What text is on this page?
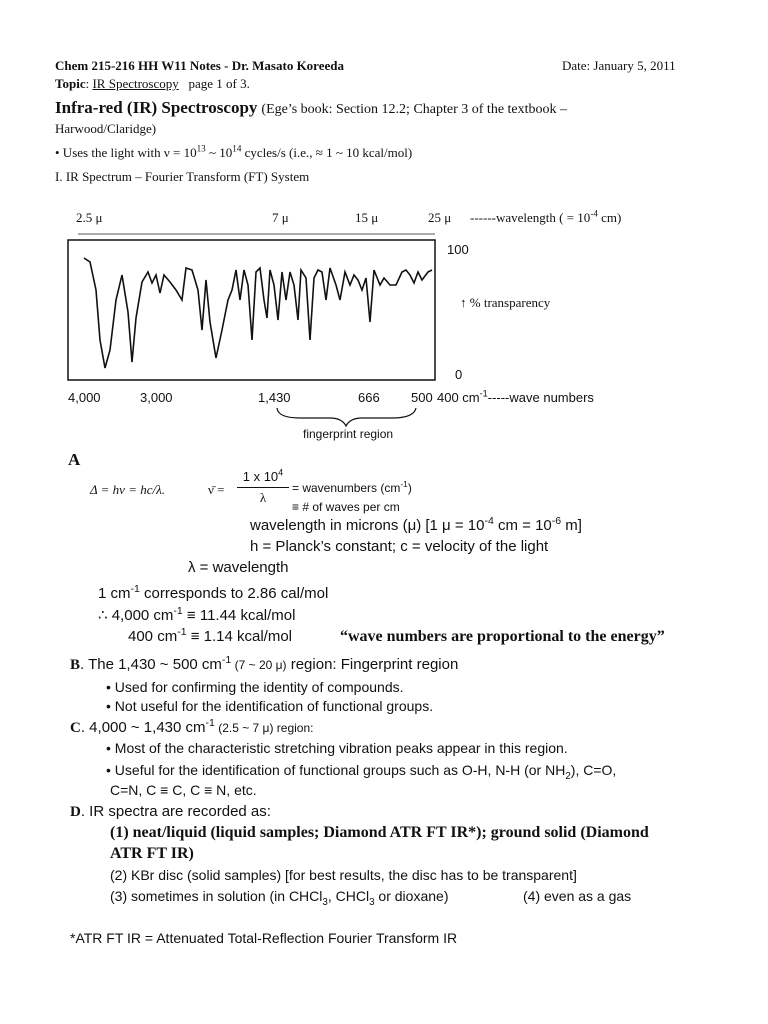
Chem 215-216 HH W11 Notes - Dr. Masato Koreeda	Date: January 5, 2011
Topic: IR Spectroscopy page 1 of 3.
Infra-red (IR) Spectroscopy (Ege’s book: Section 12.2; Chapter 3 of the textbook –
Harwood/Claridge)
• Uses the light with $\nu = 10^{13}$ ~ $10^{14}$ cycles/s (i.e., ≈ 1 ~ 10 kcal/mol)
I. IR Spectrum – Fourier Transform (FT) System
2.5 μ	7 μ	15 μ	25 μ ------wavelength ( = $10^{-4}$ cm)
100
0
↑ % transparency
4,000	3,000	1,430	666 500 400 $cm^{-1}----$-wave numbers
fingerprint region
A
Δ = hν = hc/λ.	ν̄ =
1 x $10^4$
λ
= wavenumbers $(cm^{-1})$
≡ # of waves per cm
wavelength in microns (μ) [1 $\mu = 10^{-4}$ cm = $10^{-6}$ m]
h = Planck’s constant; c = velocity of the light
λ = wavelength
1 $cm^{-1}$ corresponds to 2.86 cal/mol
∴ 4,000 $cm^{-1} \equiv 11.44$ kcal/mol
400 $cm^{-1} \equiv 1.14$ kcal/mol	“wave numbers are proportional to the energy”
B. The 1,430 ~ 500 $cm^{-1}$ (7 ~ 20 μ) region: Fingerprint region
• Used for confirming the identity of compounds.
• Not useful for the identification of functional groups.
C. 4,000 ~ 1,430 $cm^{-1}$ (2.5 ~ 7 μ) region:
• Most of the characteristic stretching vibration peaks appear in this region.
• Useful for the identification of functional groups such as O-H, N-H (or $NH_2$), C=O,
C=N, C ≡ C, C ≡ N, etc.
D. IR spectra are recorded as:
(1) neat/liquid (liquid samples; Diamond ATR FT IR*); ground solid (Diamond
ATR FT IR)
(2) KBr disc (solid samples) [for best results, the disc has to be transparent]
(3) sometimes in solution (in CHCl$_3$, CHCl$_3$ or dioxane)	(4) even as a gas
*ATR FT IR = Attenuated Total-Reflection Fourier Transform IR
